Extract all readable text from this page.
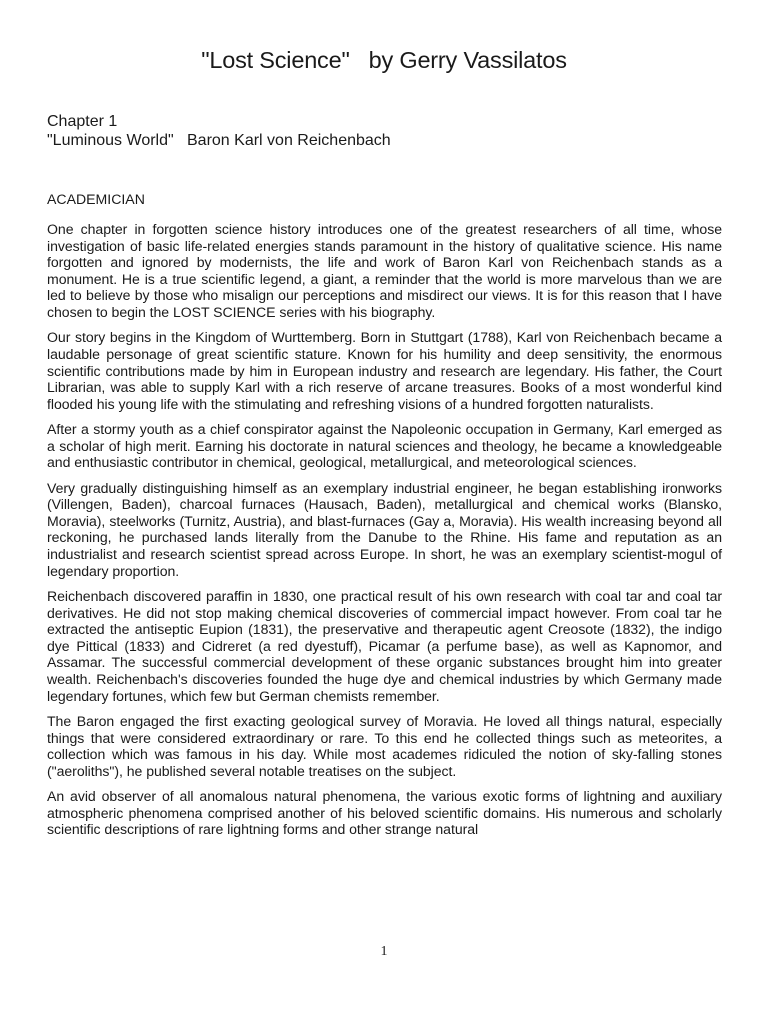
"Lost Science"   by Gerry Vassilatos
Chapter 1
"Luminous World"   Baron Karl von Reichenbach
ACADEMICIAN

One chapter in forgotten science history introduces one of the greatest researchers of all time, whose investigation of basic life-related energies stands paramount in the history of qualitative science. His name forgotten and ignored by modernists, the life and work of Baron Karl von Reichenbach stands as a monument. He is a true scientific legend, a giant, a reminder that the world is more marvelous than we are led to believe by those who misalign our perceptions and misdirect our views. It is for this reason that I have chosen to begin the LOST SCIENCE series with his biography.

Our story begins in the Kingdom of Wurttemberg. Born in Stuttgart (1788), Karl von Reichenbach became a laudable personage of great scientific stature. Known for his humility and deep sensitivity, the enormous scientific contributions made by him in European industry and research are legendary. His father, the Court Librarian, was able to supply Karl with a rich reserve of arcane treasures. Books of a most wonderful kind flooded his young life with the stimulating and refreshing visions of a hundred forgotten naturalists.

After a stormy youth as a chief conspirator against the Napoleonic occupation in Germany, Karl emerged as a scholar of high merit. Earning his doctorate in natural sciences and theology, he became a knowledgeable and enthusiastic contributor in chemical, geological, metallurgical, and meteorological sciences.

Very gradually distinguishing himself as an exemplary industrial engineer, he began establishing ironworks (Villengen, Baden), charcoal furnaces (Hausach, Baden), metallurgical and chemical works (Blansko, Moravia), steelworks (Turnitz, Austria), and blast-furnaces (Gay a, Moravia). His wealth increasing beyond all reckoning, he purchased lands literally from the Danube to the Rhine. His fame and reputation as an industrialist and research scientist spread across Europe. In short, he was an exemplary scientist-mogul of legendary proportion.

Reichenbach discovered paraffin in 1830, one practical result of his own research with coal tar and coal tar derivatives. He did not stop making chemical discoveries of commercial impact however. From coal tar he extracted the antiseptic Eupion (1831), the preservative and therapeutic agent Creosote (1832), the indigo dye Pittical (1833) and Cidreret (a red dyestuff), Picamar (a perfume base), as well as Kapnomor, and Assamar. The successful commercial development of these organic substances brought him into greater wealth. Reichenbach's discoveries founded the huge dye and chemical industries by which Germany made legendary fortunes, which few but German chemists remember.

The Baron engaged the first exacting geological survey of Moravia. He loved all things natural, especially things that were considered extraordinary or rare. To this end he collected things such as meteorites, a collection which was famous in his day. While most academes ridiculed the notion of sky-falling stones ("aeroliths"), he published several notable treatises on the subject.

An avid observer of all anomalous natural phenomena, the various exotic forms of lightning and auxiliary atmospheric phenomena comprised another of his beloved scientific domains. His numerous and scholarly scientific descriptions of rare lightning forms and other strange natural

1
